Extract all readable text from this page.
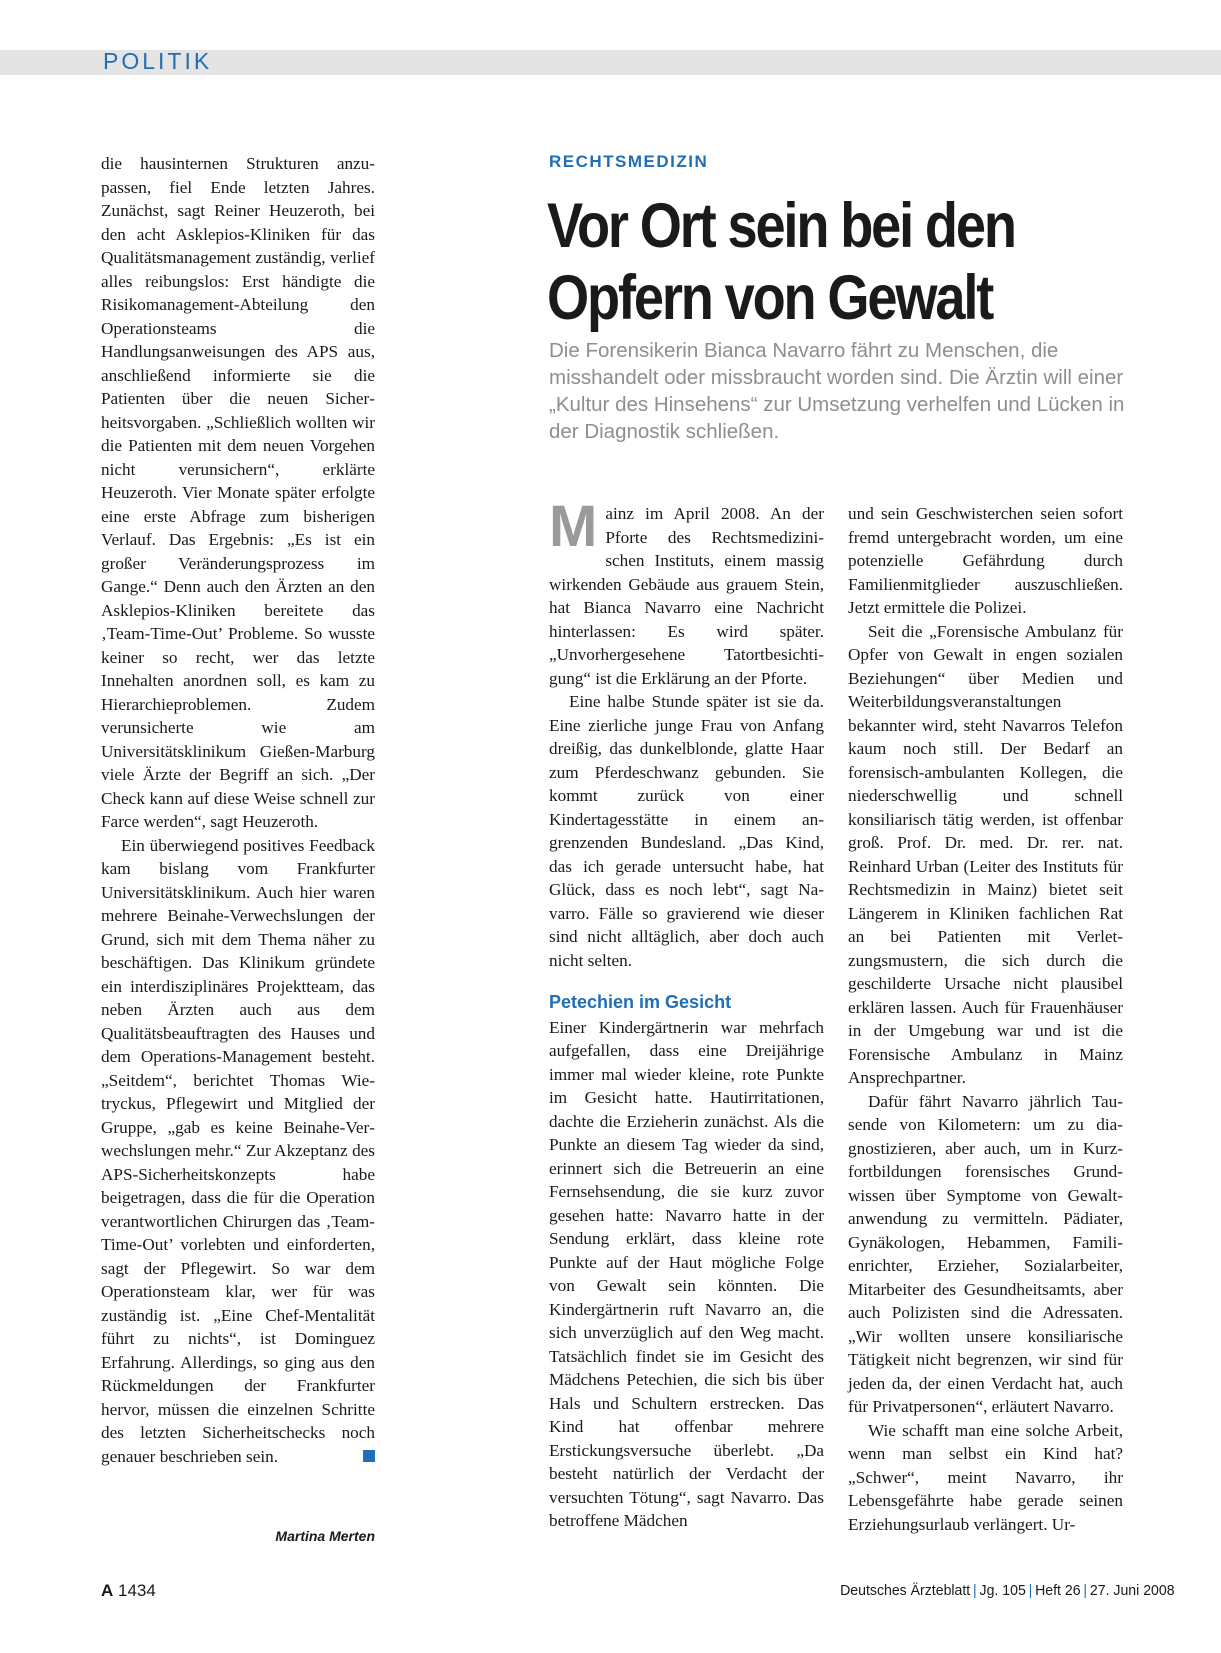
POLITIK

die hausinternen Strukturen anzupassen, fiel Ende letzten Jahres. Zunächst, sagt Reiner Heuzeroth, bei den acht Asklepios-Kliniken für das Qualitätsmanagement zuständig, verlief alles reibungslos: Erst händigte die Risikomanagement-Abteilung den Operationsteams die Handlungsanweisungen des APS aus, anschließend informierte sie die Patienten über die neuen Sicherheitsvorgaben. „Schließlich wollten wir die Patienten mit dem neuen Vorgehen nicht verunsichern“, erklärte Heuzeroth. Vier Monate später erfolgte eine erste Abfrage zum bisherigen Verlauf. Das Ergebnis: „Es ist ein großer Veränderungsprozess im Gange.“ Denn auch den Ärzten an den Asklepios-Kliniken bereitete das ‚Team-Time-Out’ Probleme. So wusste keiner so recht, wer das letzte Innehalten anordnen soll, es kam zu Hierarchieproblemen. Zudem verunsicherte wie am Universitätsklinikum Gießen-Marburg viele Ärzte der Begriff an sich. „Der Check kann auf diese Weise schnell zur Farce werden“, sagt Heuzeroth.

Ein überwiegend positives Feedback kam bislang vom Frankfurter Universitätsklinikum. Auch hier waren mehrere Beinahe-Verwechslungen der Grund, sich mit dem Thema näher zu beschäftigen. Das Klinikum gründete ein interdisziplinäres Projektteam, das neben Ärzten auch aus dem Qualitätsbeauftragten des Hauses und dem Operations-Management besteht. „Seitdem“, berichtet Thomas Wietryckus, Pflegewirt und Mitglied der Gruppe, „gab es keine Beinahe-Verwechslungen mehr.“ Zur Akzeptanz des APS-Sicherheitskonzepts habe beigetragen, dass die für die Operation verantwortlichen Chirurgen das ‚Team-Time-Out’ vorlebten und einforderten, sagt der Pflegewirt. So war dem Operationsteam klar, wer für was zuständig ist. „Eine Chef-Mentalität führt zu nichts“, ist Dominguez Erfahrung. Allerdings, so ging aus den Rückmeldungen der Frankfurter hervor, müssen die einzelnen Schritte des letzten Sicherheitschecks noch genauer beschrieben sein.

Martina Merten
RECHTSMEDIZIN
Vor Ort sein bei den Opfern von Gewalt
Die Forensikerin Bianca Navarro fährt zu Menschen, die misshandelt oder missbraucht worden sind. Die Ärztin will einer „Kultur des Hinsehens“ zur Umsetzung verhelfen und Lücken in der Diagnostik schließen.

Mainz im April 2008. An der Pforte des Rechtsmedizinischen Instituts, einem massig wirkenden Gebäude aus grauem Stein, hat Bianca Navarro eine Nachricht hinterlassen: Es wird später. „Unvorhergesehene Tatortbesichtigung“ ist die Erklärung an der Pforte.

Eine halbe Stunde später ist sie da. Eine zierliche junge Frau von Anfang dreißig, das dunkelblonde, glatte Haar zum Pferdeschwanz gebunden. Sie kommt zurück von einer Kindertagesstätte in einem angrenzenden Bundesland. „Das Kind, das ich gerade untersucht habe, hat Glück, dass es noch lebt“, sagt Navarro. Fälle so gravierend wie dieser sind nicht alltäglich, aber doch auch nicht selten.

Petechien im Gesicht

Einer Kindergärtnerin war mehrfach aufgefallen, dass eine Dreijährige immer mal wieder kleine, rote Punkte im Gesicht hatte. Hautirritationen, dachte die Erzieherin zunächst. Als die Punkte an diesem Tag wieder da sind, erinnert sich die Betreuerin an eine Fernsehsendung, die sie kurz zuvor gesehen hatte: Navarro hatte in der Sendung erklärt, dass kleine rote Punkte auf der Haut mögliche Folge von Gewalt sein könnten. Die Kindergärtnerin ruft Navarro an, die sich unverzüglich auf den Weg macht. Tatsächlich findet sie im Gesicht des Mädchens Petechien, die sich bis über Hals und Schultern erstrecken. Das Kind hat offenbar mehrere Erstickungsversuche überlebt. „Da besteht natürlich der Verdacht der versuchten Tötung“, sagt Navarro. Das betroffene Mädchen

und sein Geschwisterchen seien sofort fremd untergebracht worden, um eine potenzielle Gefährdung durch Familienmitglieder auszuschließen. Jetzt ermittele die Polizei.

Seit die „Forensische Ambulanz für Opfer von Gewalt in engen sozialen Beziehungen“ über Medien und Weiterbildungsveranstaltungen bekannter wird, steht Navarros Telefon kaum noch still. Der Bedarf an forensisch-ambulanten Kollegen, die niederschwellig und schnell konsiliarisch tätig werden, ist offenbar groß. Prof. Dr. med. Dr. rer. nat. Reinhard Urban (Leiter des Instituts für Rechtsmedizin in Mainz) bietet seit Längerem in Kliniken fachlichen Rat an bei Patienten mit Verletzungsmustern, die sich durch die geschilderte Ursache nicht plausibel erklären lassen. Auch für Frauenhäuser in der Umgebung war und ist die Forensische Ambulanz in Mainz Ansprechpartner.

Dafür fährt Navarro jährlich Tausende von Kilometern: um zu diagnostizieren, aber auch, um in Kurzfortbildungen forensisches Grundwissen über Symptome von Gewaltanwendung zu vermitteln. Pädiater, Gynäkologen, Hebammen, Familienrichter, Erzieher, Sozialarbeiter, Mitarbeiter des Gesundheitsamts, aber auch Polizisten sind die Adressaten. „Wir wollten unsere konsiliarische Tätigkeit nicht begrenzen, wir sind für jeden da, der einen Verdacht hat, auch für Privatpersonen“, erläutert Navarro.

Wie schafft man eine solche Arbeit, wenn man selbst ein Kind hat? „Schwer“, meint Navarro, ihr Lebensgefährte habe gerade seinen Erziehungsurlaub verlängert. Ur-

A 1434	Deutsches Ärzteblatt | Jg. 105 | Heft 26 | 27. Juni 2008
